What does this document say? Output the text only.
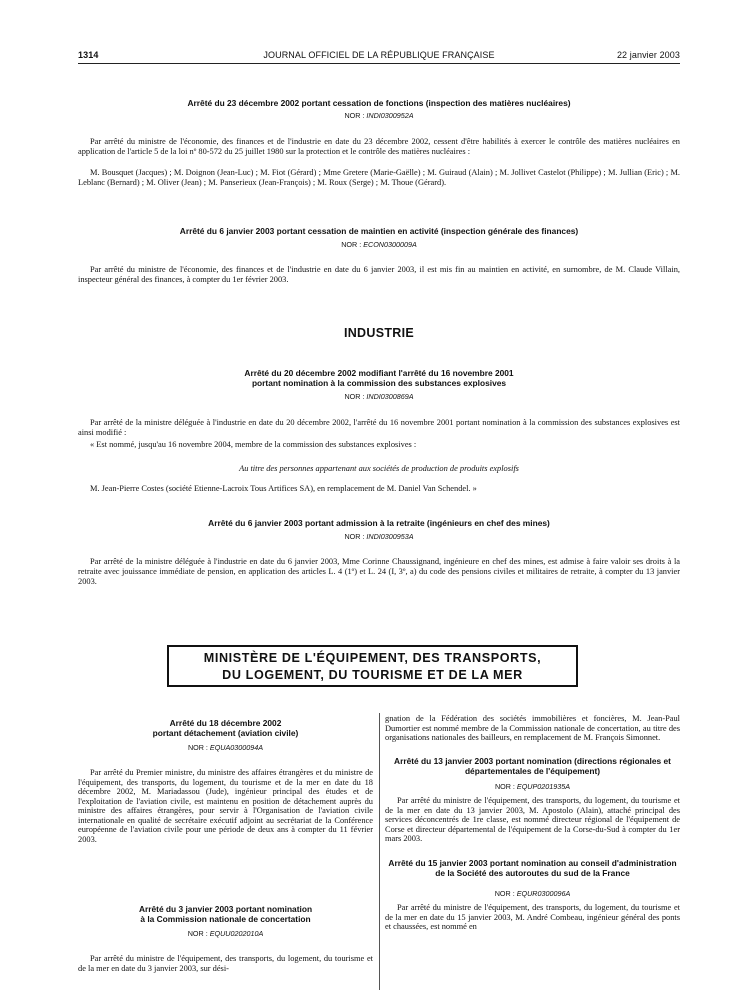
1314	JOURNAL OFFICIEL DE LA RÉPUBLIQUE FRANÇAISE	22 janvier 2003
Arrêté du 23 décembre 2002 portant cessation de fonctions (inspection des matières nucléaires)
NOR : INDI0300952A

Par arrêté du ministre de l'économie, des finances et de l'industrie en date du 23 décembre 2002, cessent d'être habilités à exercer le contrôle des matières nucléaires en application de l'article 5 de la loi nº 80-572 du 25 juillet 1980 sur la protection et le contrôle des matières nucléaires :

M. Bousquet (Jacques) ; M. Doignon (Jean-Luc) ; M. Fiot (Gérard) ; Mme Gretere (Marie-Gaëlle) ; M. Guiraud (Alain) ; M. Jollivet Castelot (Philippe) ; M. Jullian (Eric) ; M. Leblanc (Bernard) ; M. Oliver (Jean) ; M. Panserieux (Jean-François) ; M. Roux (Serge) ; M. Thoue (Gérard).

Arrêté du 6 janvier 2003 portant cessation de maintien en activité (inspection générale des finances)
NOR : ECON0300009A

Par arrêté du ministre de l'économie, des finances et de l'industrie en date du 6 janvier 2003, il est mis fin au maintien en activité, en surnombre, de M. Claude Villain, inspecteur général des finances, à compter du 1er février 2003.

INDUSTRIE
Arrêté du 20 décembre 2002 modifiant l'arrêté du 16 novembre 2001
portant nomination à la commission des substances explosives
NOR : INDI0300869A

Par arrêté de la ministre déléguée à l'industrie en date du 20 décembre 2002, l'arrêté du 16 novembre 2001 portant nomination à la commission des substances explosives est ainsi modifié :

« Est nommé, jusqu'au 16 novembre 2004, membre de la commission des substances explosives :

Au titre des personnes appartenant aux sociétés de production de produits explosifs

M. Jean-Pierre Costes (société Etienne-Lacroix Tous Artifices SA), en remplacement de M. Daniel Van Schendel. »

Arrêté du 6 janvier 2003 portant admission à la retraite (ingénieurs en chef des mines)
NOR : INDI0300953A

Par arrêté de la ministre déléguée à l'industrie en date du 6 janvier 2003, Mme Corinne Chaussignand, ingénieure en chef des mines, est admise à faire valoir ses droits à la retraite avec jouissance immédiate de pension, en application des articles L. 4 (1º) et L. 24 (I, 3º, a) du code des pensions civiles et militaires de retraite, à compter du 13 janvier 2003.

MINISTÈRE DE L'ÉQUIPEMENT, DES TRANSPORTS,
DU LOGEMENT, DU TOURISME ET DE LA MER
Arrêté du 18 décembre 2002
portant détachement (aviation civile)
NOR : EQUA0300094A

Par arrêté du Premier ministre, du ministre des affaires étrangères et du ministre de l'équipement, des transports, du logement, du tourisme et de la mer en date du 18 décembre 2002, M. Mariadassou (Jude), ingénieur principal des études et de l'exploitation de l'aviation civile, est maintenu en position de détachement auprès du ministre des affaires étrangères, pour servir à l'Organisation de l'aviation civile internationale en qualité de secrétaire exécutif adjoint au secrétariat de la Conférence européenne de l'aviation civile pour une période de deux ans à compter du 11 février 2003.

Arrêté du 3 janvier 2003 portant nomination
à la Commission nationale de concertation
NOR : EQUU0202010A

Par arrêté du ministre de l'équipement, des transports, du logement, du tourisme et de la mer en date du 3 janvier 2003, sur dési-

gnation de la Fédération des sociétés immobilières et foncières, M. Jean-Paul Dumortier est nommé membre de la Commission nationale de concertation, au titre des organisations nationales des bailleurs, en remplacement de M. François Simonnet.

Arrêté du 13 janvier 2003 portant nomination (directions régionales et départementales de l'équipement)
NOR : EQUP0201935A

Par arrêté du ministre de l'équipement, des transports, du logement, du tourisme et de la mer en date du 13 janvier 2003, M. Apostolo (Alain), attaché principal des services déconcentrés de 1re classe, est nommé directeur régional de l'équipement de Corse et directeur départemental de l'équipement de la Corse-du-Sud à compter du 1er mars 2003.

Arrêté du 15 janvier 2003 portant nomination au conseil d'administration de la Société des autoroutes du sud de la France
NOR : EQUR0300096A

Par arrêté du ministre de l'équipement, des transports, du logement, du tourisme et de la mer en date du 15 janvier 2003, M. André Combeau, ingénieur général des ponts et chaussées, est nommé en
